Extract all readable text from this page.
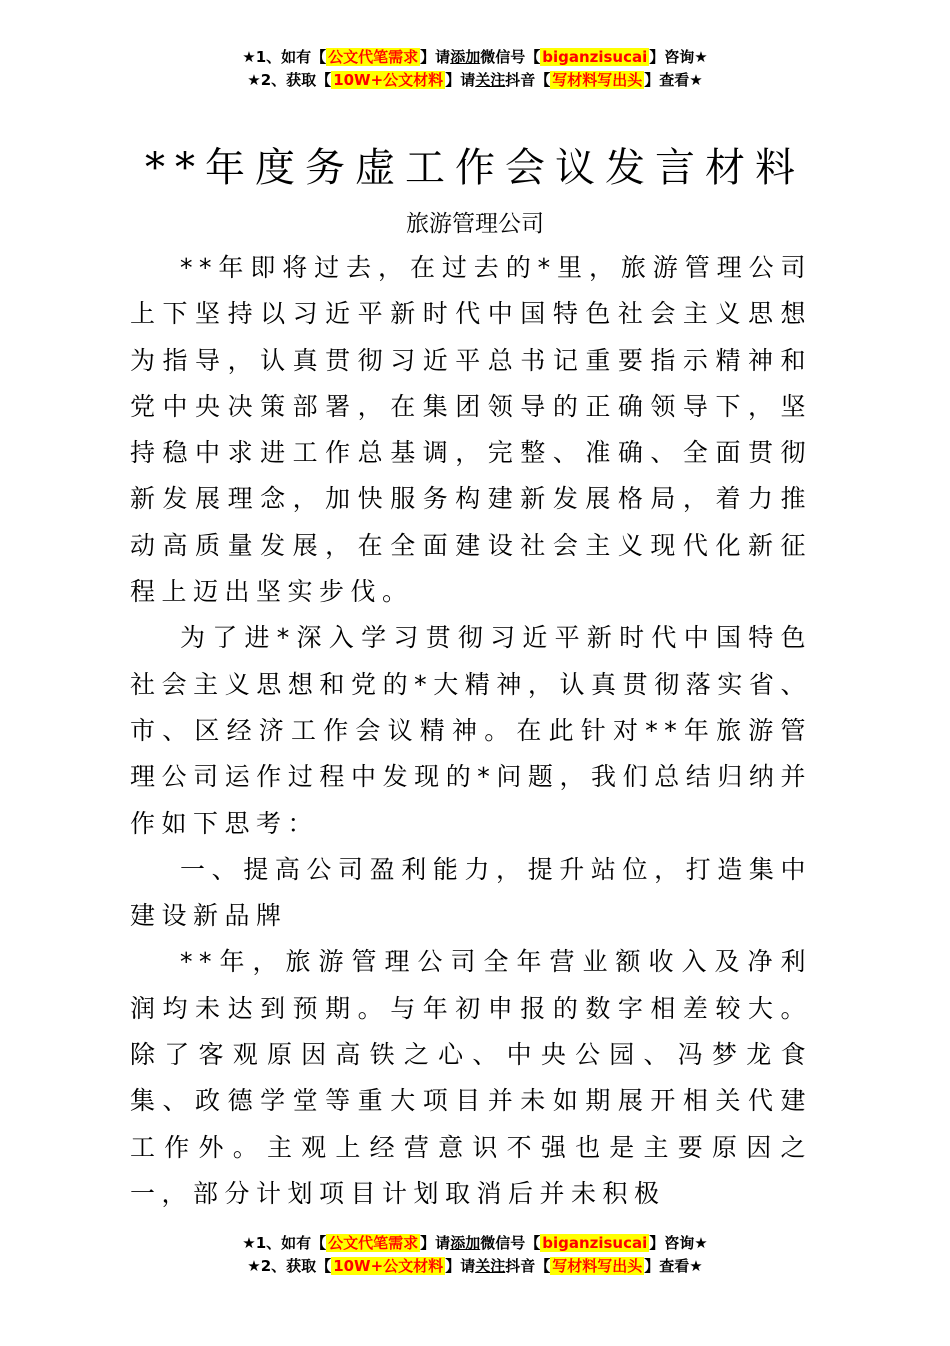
★1、如有【 公文代笔需求 】请添加微信号【 biganzisucai 】咨询★
★2、获取【 10W+公文材料 】请关注抖音【 写材料写出头 】查看★
**年度务虚工作会议发言材料
旅游管理公司

**年即将过去，在过去的*里，旅游管理公司上下坚持以习近平新时代中国特色社会主义思想为指导，认真贯彻习近平总书记重要指示精神和党中央决策部署，在集团领导的正确领导下，坚持稳中求进工作总基调，完整、准确、全面贯彻新发展理念，加快服务构建新发展格局，着力推动高质量发展，在全面建设社会主义现代化新征程上迈出坚实步伐。

为了进*深入学习贯彻习近平新时代中国特色社会主义思想和党的*大精神，认真贯彻落实省、市、区经济工作会议精神。在此针对**年旅游管理公司运作过程中发现的*问题，我们总结归纳并作如下思考：

一、提高公司盈利能力，提升站位，打造集中建设新品牌

**年，旅游管理公司全年营业额收入及净利润均未达到预期。与年初申报的数字相差较大。除了客观原因高铁之心、中央公园、冯梦龙食集、政德学堂等重大项目并未如期展开相关代建工作外。主观上经营意识不强也是主要原因之一，部分计划项目计划取消后并未积极

★1、如有【 公文代笔需求 】请添加微信号【 biganzisucai 】咨询★
★2、获取【 10W+公文材料 】请关注抖音【 写材料写出头 】查看★
